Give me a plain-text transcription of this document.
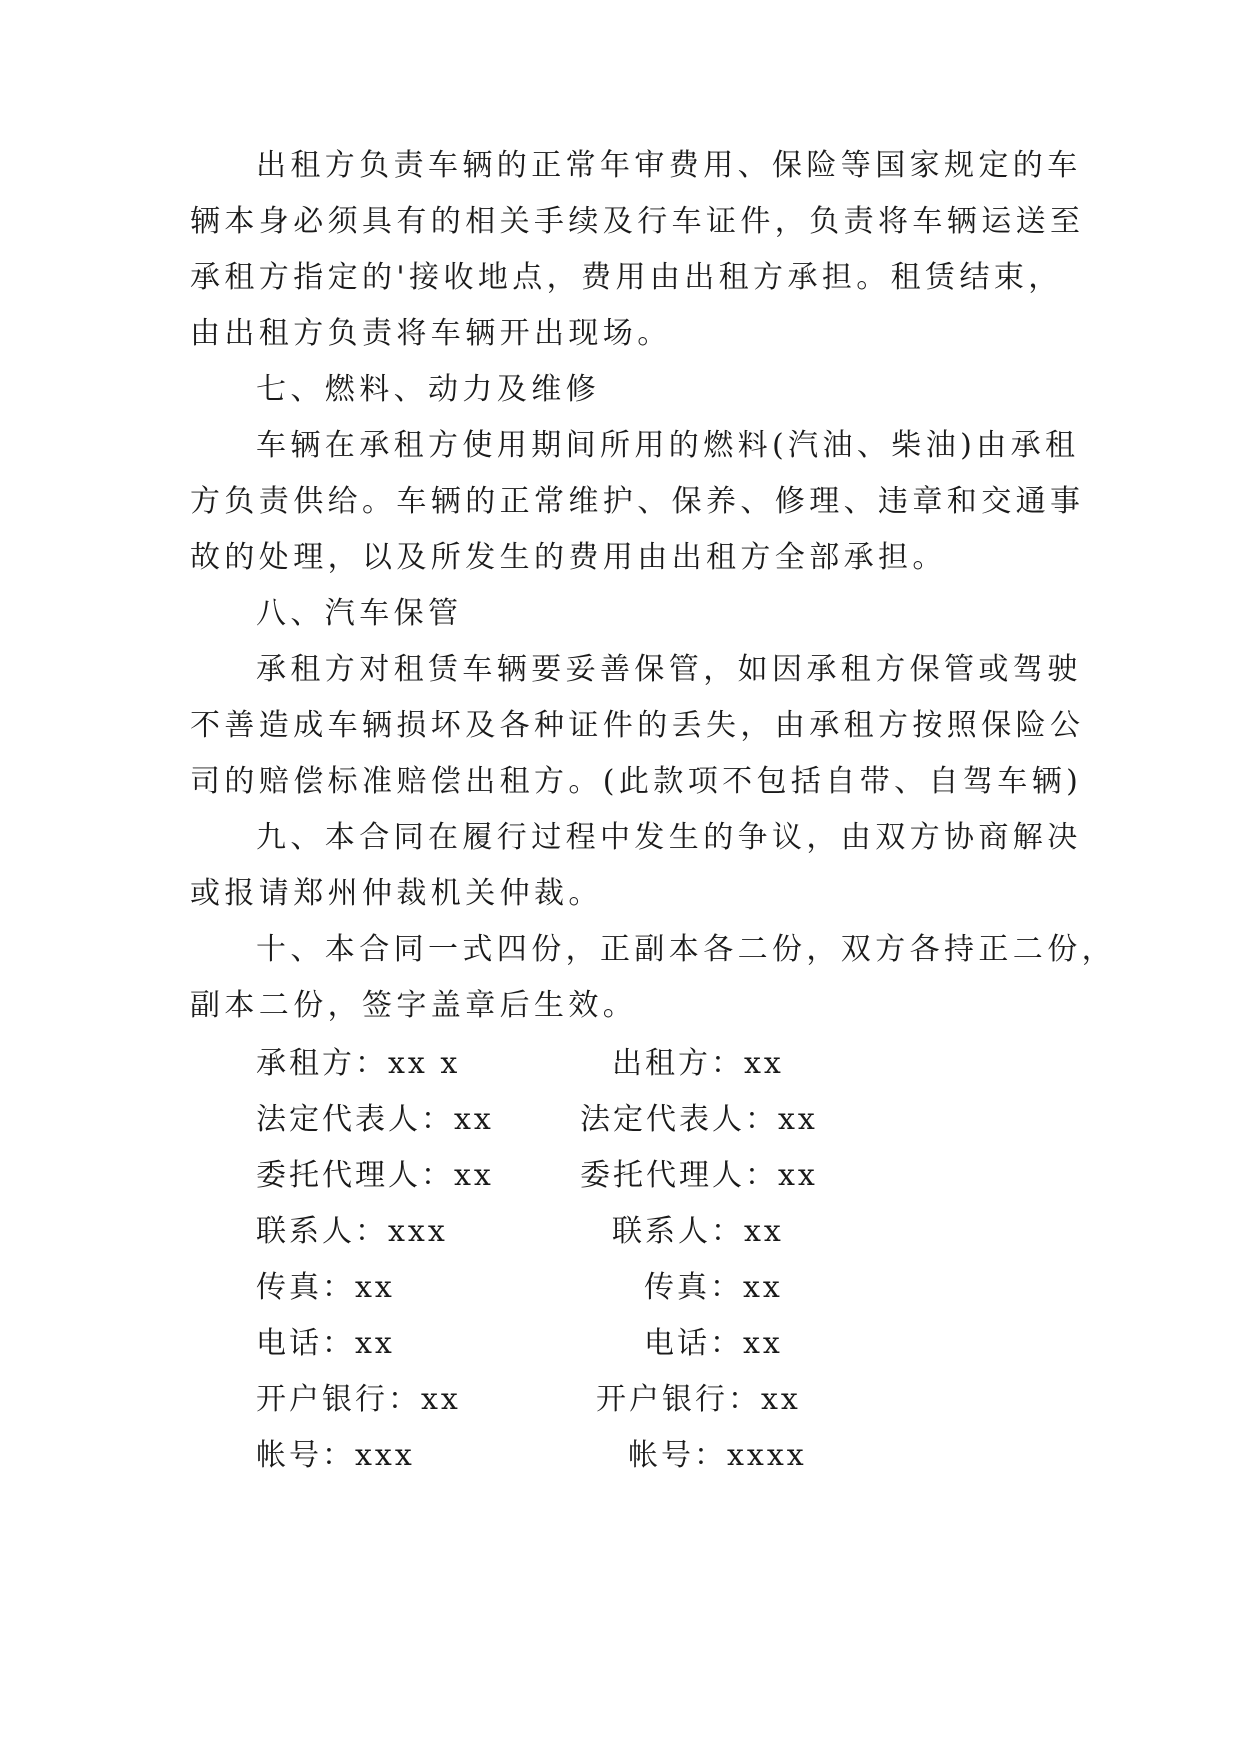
出租方负责车辆的正常年审费用、保险等国家规定的车
辆本身必须具有的相关手续及行车证件，负责将车辆运送至
承租方指定的'接收地点，费用由出租方承担。租赁结束，
由出租方负责将车辆开出现场。
七、燃料、动力及维修
车辆在承租方使用期间所用的燃料(汽油、柴油)由承租
方负责供给。车辆的正常维护、保养、修理、违章和交通事
故的处理，以及所发生的费用由出租方全部承担。
八、汽车保管
承租方对租赁车辆要妥善保管，如因承租方保管或驾驶
不善造成车辆损坏及各种证件的丢失，由承租方按照保险公
司的赔偿标准赔偿出租方。(此款项不包括自带、自驾车辆)
九、本合同在履行过程中发生的争议，由双方协商解决
或报请郑州仲裁机关仲裁。
十、本合同一式四份，正副本各二份，双方各持正二份，
副本二份，签字盖章后生效。
承租方：xx x	出租方：xx
法定代表人：xx	法定代表人：xx
委托代理人：xx	委托代理人：xx
联系人：xxx	联系人：xx
传真：xx	传真：xx
电话：xx	电话：xx
开户银行：xx	开户银行：xx
帐号：xxx	帐号：xxxx
